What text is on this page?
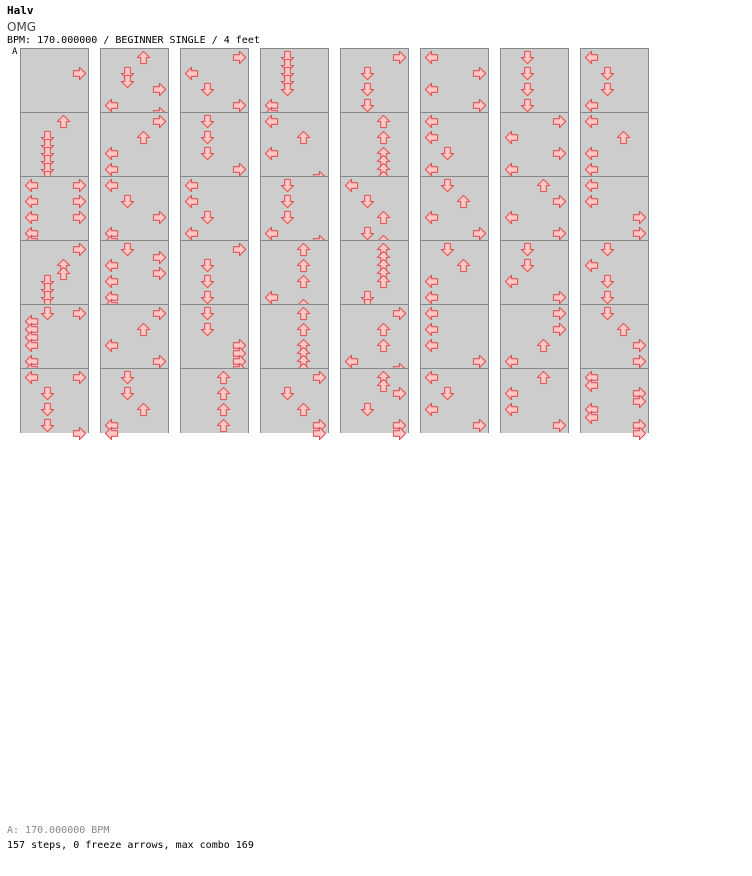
Halv
OMG
BPM: 170.000000 / BEGINNER SINGLE / 4 feet
A
A: 170.000000 BPM
157 steps, 0 freeze arrows, max combo 169
